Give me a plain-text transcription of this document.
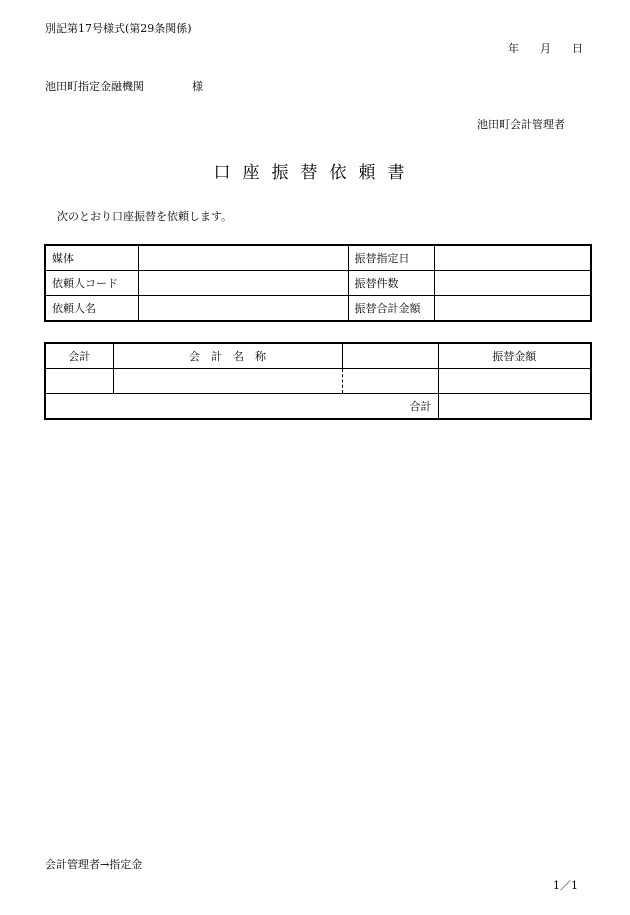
別記第17号様式(第29条関係)
年 月 日
池田町指定金融機関	様
池田町会計管理者
口座振替依頼書
次のとおり口座振替を依頼します。
媒体		振替指定日	
依頼人コード		振替件数	
依頼人名		振替合計金額	
会計	会　計　名　称		振替金額

合計			
会計管理者→指定金
1／1
